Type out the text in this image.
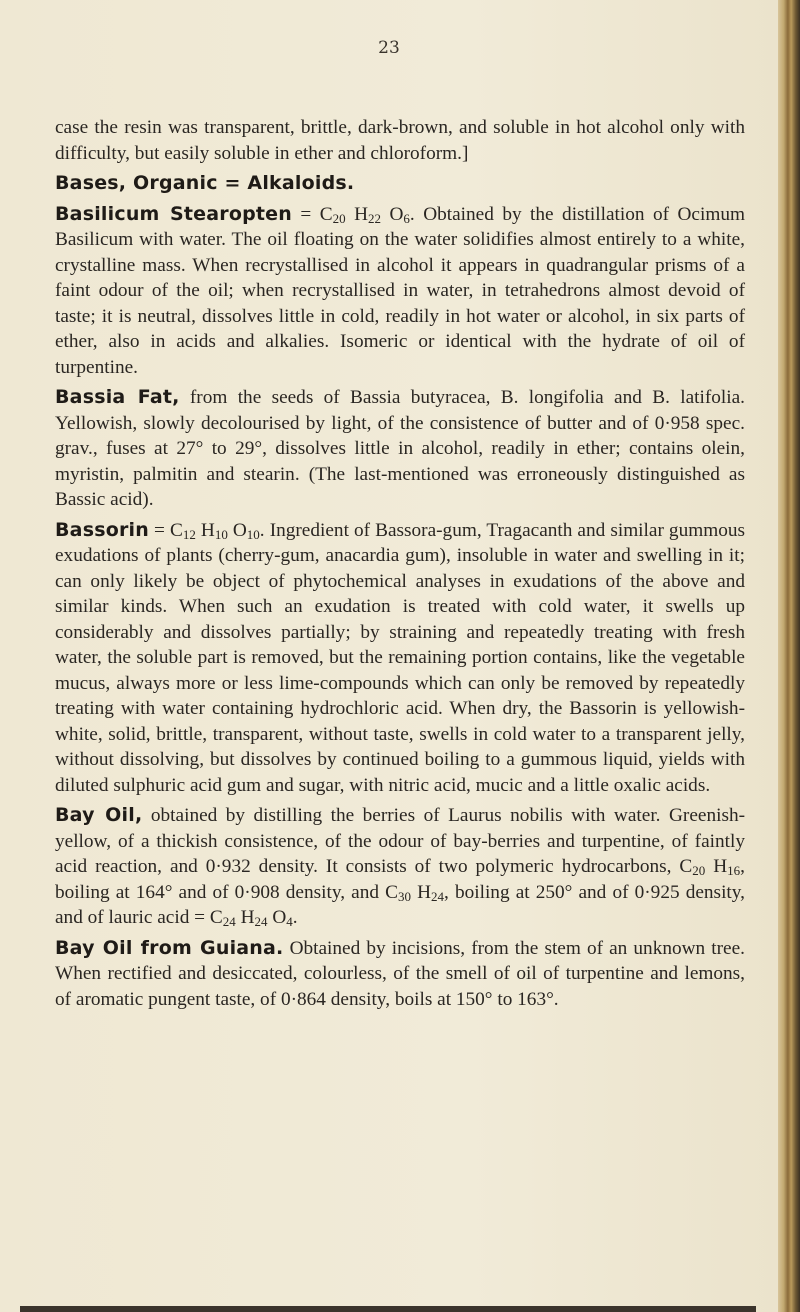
23

case the resin was transparent, brittle, dark-brown, and soluble in hot alcohol only with difficulty, but easily soluble in ether and chloroform.]

Bases, Organic = Alkaloids.

Basilicum Stearopten = $C_{20}$ $H_{22}$ $O_6$. Obtained by the distillation of Ocimum Basilicum with water. The oil floating on the water solidifies almost entirely to a white, crystalline mass. When recrystallised in alcohol it appears in quadrangular prisms of a faint odour of the oil; when recrystallised in water, in tetrahedrons almost devoid of taste; it is neutral, dissolves little in cold, readily in hot water or alcohol, in six parts of ether, also in acids and alkalies. Isomeric or identical with the hydrate of oil of turpentine.

Bassia Fat, from the seeds of Bassia butyracea, B. longifolia and B. latifolia. Yellowish, slowly decolourised by light, of the consistence of butter and of 0·958 spec. grav., fuses at 27° to 29°, dissolves little in alcohol, readily in ether; contains olein, myristin, palmitin and stearin. (The last-mentioned was erroneously distinguished as Bassic acid).

Bassorin = $C_{12}$ $H_{10}$ $O_{10}$. Ingredient of Bassora-gum, Tragacanth and similar gummous exudations of plants (cherry-gum, anacardia gum), insoluble in water and swelling in it; can only likely be object of phytochemical analyses in exudations of the above and similar kinds. When such an exudation is treated with cold water, it swells up considerably and dissolves partially; by straining and repeatedly treating with fresh water, the soluble part is removed, but the remaining portion contains, like the vegetable mucus, always more or less lime-compounds which can only be removed by repeatedly treating with water containing hydrochloric acid. When dry, the Bassorin is yellowish-white, solid, brittle, transparent, without taste, swells in cold water to a transparent jelly, without dissolving, but dissolves by continued boiling to a gummous liquid, yields with diluted sulphuric acid gum and sugar, with nitric acid, mucic and a little oxalic acids.

Bay Oil, obtained by distilling the berries of Laurus nobilis with water. Greenish-yellow, of a thickish consistence, of the odour of bay-berries and turpentine, of faintly acid reaction, and 0·932 density. It consists of two polymeric hydrocarbons, $C_{20}$ $H_{16}$, boiling at 164° and of 0·908 density, and $C_{30}$ $H_{24}$, boiling at 250° and of 0·925 density, and of lauric acid = $C_{24}$ $H_{24}$ $O_4$.

Bay Oil from Guiana. Obtained by incisions, from the stem of an unknown tree. When rectified and desiccated, colourless, of the smell of oil of turpentine and lemons, of aromatic pungent taste, of 0·864 density, boils at 150° to 163°.
